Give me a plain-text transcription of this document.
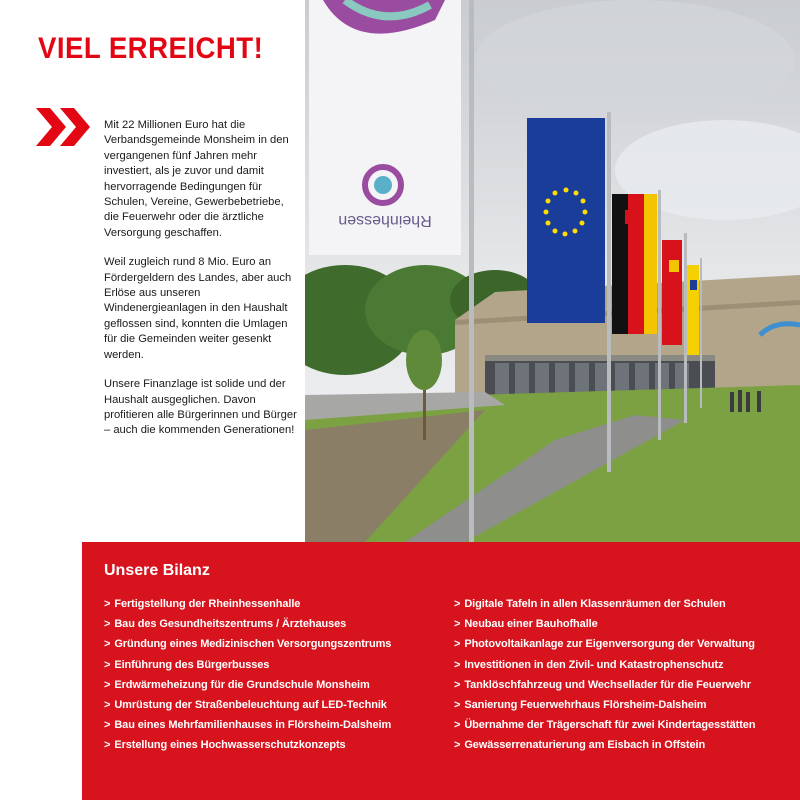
VIEL ERREICHT!

Mit 22 Millionen Euro hat die Verbandsgemeinde Monsheim in den vergangenen fünf Jahren mehr investiert, als je zuvor und damit hervorragende Bedingungen für Schulen, Vereine, Gewerbebetriebe, die Feuerwehr oder die ärztliche Versorgung geschaffen.

Weil zugleich rund 8 Mio. Euro an Fördergeldern des Landes, aber auch Erlöse aus unseren Windenergieanlagen in den Haushalt geflossen sind, konnten die Umlagen für die Gemeinden weiter gesenkt werden.

Unsere Finanzlage ist solide und der Haushalt ausgeglichen. Davon profitieren alle Bürgerinnen und Bürger – auch die kommenden Generationen!

Rheinhessen
Unsere Bilanz
> Fertigstellung der Rheinhessenhalle
> Bau des Gesundheitszentrums / Ärztehauses
> Gründung eines Medizinischen Versorgungszentrums
> Einführung des Bürgerbusses
> Erdwärmeheizung für die Grundschule Monsheim
> Umrüstung der Straßenbeleuchtung auf LED-Technik
> Bau eines Mehrfamilienhauses in Flörsheim-Dalsheim
> Erstellung eines Hochwasserschutzkonzepts
> Digitale Tafeln in allen Klassenräumen der Schulen
> Neubau einer Bauhofhalle
> Photovoltaikanlage zur Eigenversorgung der Verwaltung
> Investitionen in den Zivil- und Katastrophenschutz
> Tanklöschfahrzeug und Wechsellader für die Feuerwehr
> Sanierung Feuerwehrhaus Flörsheim-Dalsheim
> Übernahme der Trägerschaft für zwei Kindertagesstätten
> Gewässerrenaturierung am Eisbach in Offstein
